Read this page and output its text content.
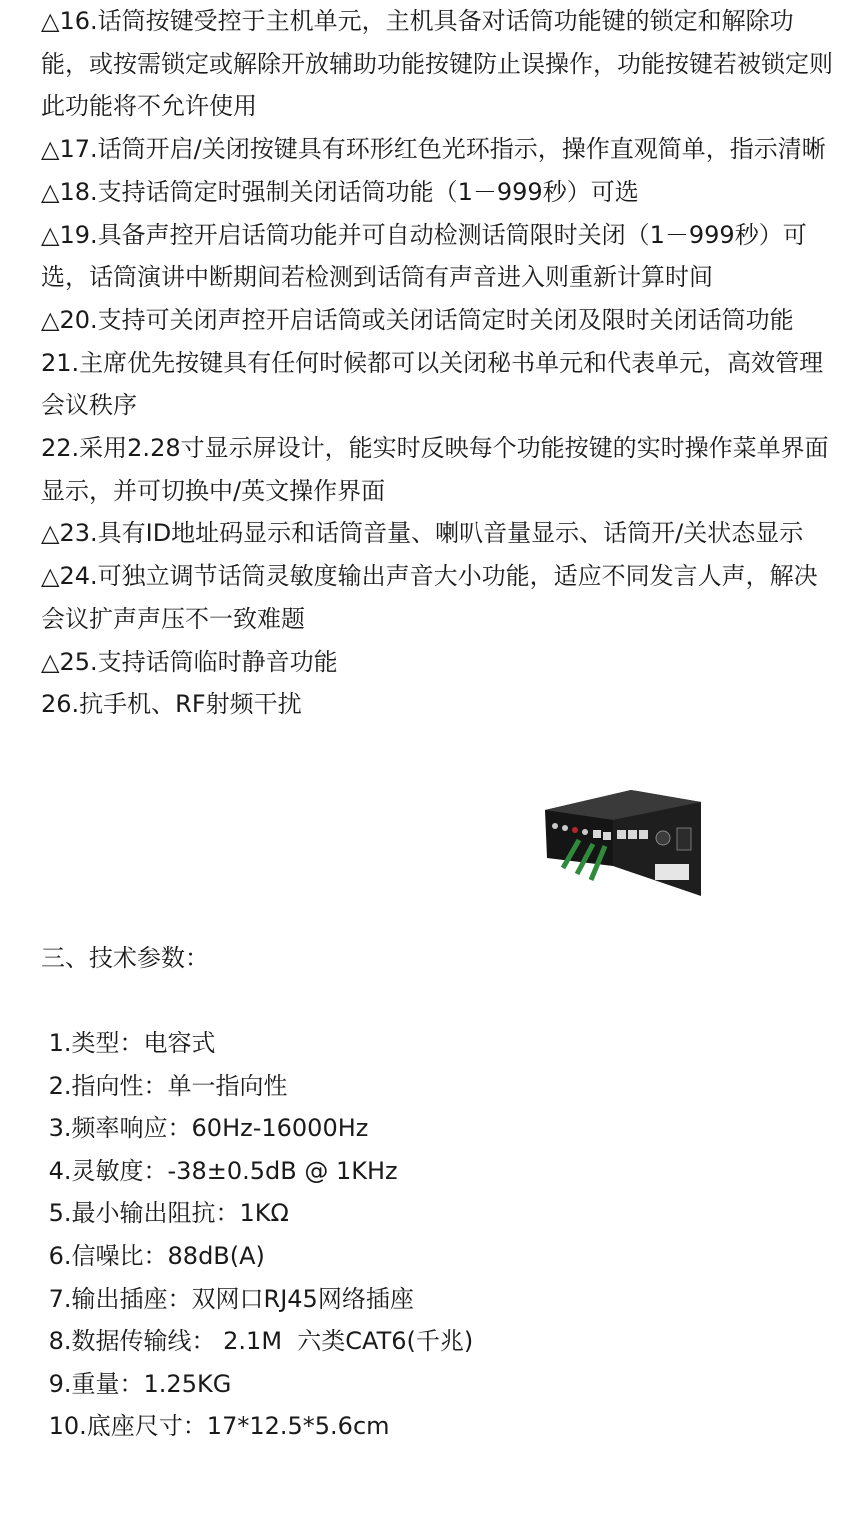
△16.话筒按键受控于主机单元，主机具备对话筒功能键的锁定和解除功能，或按需锁定或解除开放辅助功能按键防止误操作，功能按键若被锁定则此功能将不允许使用

△17.话筒开启/关闭按键具有环形红色光环指示，操作直观简单，指示清晰

△18.支持话筒定时强制关闭话筒功能（1－999秒）可选

△19.具备声控开启话筒功能并可自动检测话筒限时关闭（1－999秒）可选，话筒演讲中断期间若检测到话筒有声音进入则重新计算时间

△20.支持可关闭声控开启话筒或关闭话筒定时关闭及限时关闭话筒功能

21.主席优先按键具有任何时候都可以关闭秘书单元和代表单元，高效管理会议秩序

22.采用2.28寸显示屏设计，能实时反映每个功能按键的实时操作菜单界面显示，并可切换中/英文操作界面

△23.具有ID地址码显示和话筒音量、喇叭音量显示、话筒开/关状态显示

△24.可独立调节话筒灵敏度输出声音大小功能，适应不同发言人声，解决会议扩声声压不一致难题

△25.支持话筒临时静音功能

26.抗手机、RF射频干扰

三、技术参数：

1.类型：电容式

2.指向性：单一指向性

3.频率响应：60Hz-16000Hz

4.灵敏度：-38±0.5dB @ 1KHz

5.最小输出阻抗：1KΩ

6.信噪比：88dB(A)

7.输出插座：双网口RJ45网络插座

8.数据传输线： 2.1M  六类CAT6(千兆)

9.重量：1.25KG

10.底座尺寸：17*12.5*5.6cm
